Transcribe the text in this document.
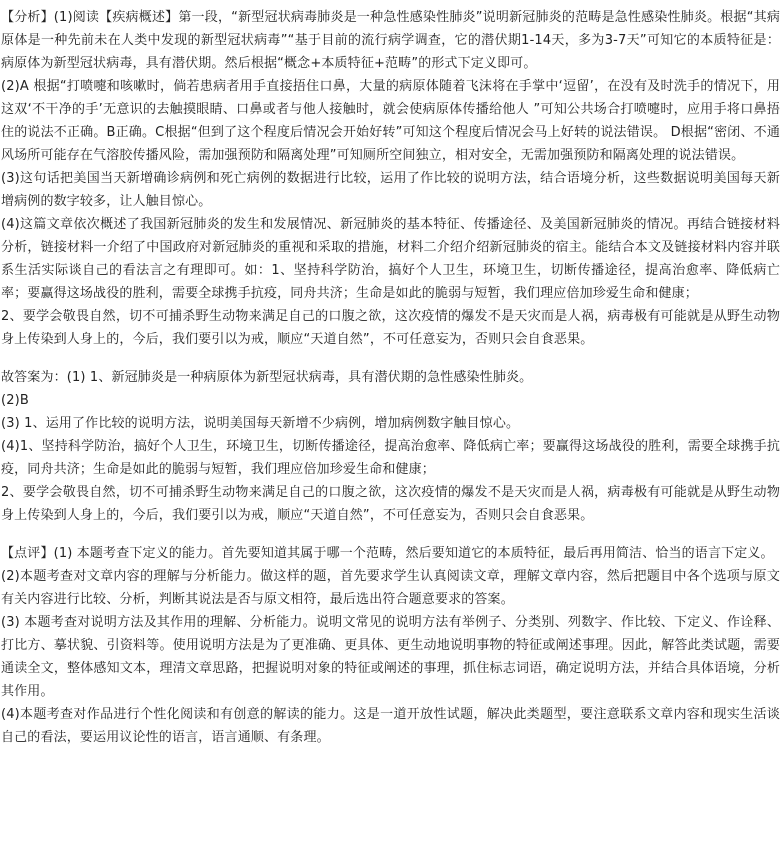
【分析】(1)阅读【疾病概述】第一段，“新型冠状病毒肺炎是一种急性感染性肺炎”说明新冠肺炎的范畴是急性感染性肺炎。根据“其病原体是一种先前未在人类中发现的新型冠状病毒”“基于目前的流行病学调查，它的潜伏期1-14天，多为3-7天”可知它的本质特征是：病原体为新型冠状病毒，具有潜伏期。然后根据“概念+本质特征+范畴”的形式下定义即可。

(2)A 根据“打喷嚏和咳嗽时，倘若患病者用手直接捂住口鼻，大量的病原体随着飞沫将在手掌中‘逗留’，在没有及时洗手的情况下，用这双‘不干净的手’无意识的去触摸眼睛、口鼻或者与他人接触时，就会使病原体传播给他人 ”可知公共场合打喷嚏时，应用手将口鼻捂住的说法不正确。B正确。C根据“但到了这个程度后情况会开始好转”可知这个程度后情况会马上好转的说法错误。 D根据“密闭、不通风场所可能存在气溶胶传播风险，需加强预防和隔离处理”可知厕所空间独立，相对安全，无需加强预防和隔离处理的说法错误。

(3)这句话把美国当天新增确诊病例和死亡病例的数据进行比较，运用了作比较的说明方法，结合语境分析，这些数据说明美国每天新增病例的数字较多，让人触目惊心。

(4)这篇文章依次概述了我国新冠肺炎的发生和发展情况、新冠肺炎的基本特征、传播途径、及美国新冠肺炎的情况。再结合链接材料分析，链接材料一介绍了中国政府对新冠肺炎的重视和采取的措施，材料二介绍介绍新冠肺炎的宿主。能结合本文及链接材料内容并联系生活实际谈自己的看法言之有理即可。如：1、坚持科学防治，搞好个人卫生，环境卫生，切断传播途径，提高治愈率、降低病亡率；要赢得这场战役的胜利，需要全球携手抗疫，同舟共济；生命是如此的脆弱与短暂，我们理应倍加珍爱生命和健康；

2、要学会敬畏自然，切不可捕杀野生动物来满足自己的口腹之欲，这次疫情的爆发不是天灾而是人祸，病毒极有可能就是从野生动物身上传染到人身上的，今后，我们要引以为戒，顺应“天道自然”，不可任意妄为，否则只会自食恶果。

故答案为：(1) 1、新冠肺炎是一种病原体为新型冠状病毒，具有潜伏期的急性感染性肺炎。

(2)B

(3) 1、运用了作比较的说明方法，说明美国每天新增不少病例，增加病例数字触目惊心。

(4)1、坚持科学防治，搞好个人卫生，环境卫生，切断传播途径，提高治愈率、降低病亡率；要赢得这场战役的胜利，需要全球携手抗疫，同舟共济；生命是如此的脆弱与短暂，我们理应倍加珍爱生命和健康；

2、要学会敬畏自然，切不可捕杀野生动物来满足自己的口腹之欲，这次疫情的爆发不是天灾而是人祸，病毒极有可能就是从野生动物身上传染到人身上的，今后，我们要引以为戒，顺应“天道自然”，不可任意妄为，否则只会自食恶果。

【点评】(1) 本题考查下定义的能力。首先要知道其属于哪一个范畴，然后要知道它的本质特征，最后再用简洁、恰当的语言下定义。

(2)本题考查对文章内容的理解与分析能力。做这样的题，首先要求学生认真阅读文章，理解文章内容，然后把题目中各个选项与原文有关内容进行比较、分析，判断其说法是否与原文相符，最后选出符合题意要求的答案。

(3) 本题考查对说明方法及其作用的理解、分析能力。说明文常见的说明方法有举例子、分类别、列数字、作比较、下定义、作诠释、打比方、摹状貌、引资料等。使用说明方法是为了更准确、更具体、更生动地说明事物的特征或阐述事理。因此，解答此类试题，需要通读全文，整体感知文本，理清文章思路，把握说明对象的特征或阐述的事理，抓住标志词语，确定说明方法，并结合具体语境，分析其作用。

(4)本题考查对作品进行个性化阅读和有创意的解读的能力。这是一道开放性试题，解决此类题型，要注意联系文章内容和现实生活谈自己的看法，要运用议论性的语言，语言通顺、有条理。
